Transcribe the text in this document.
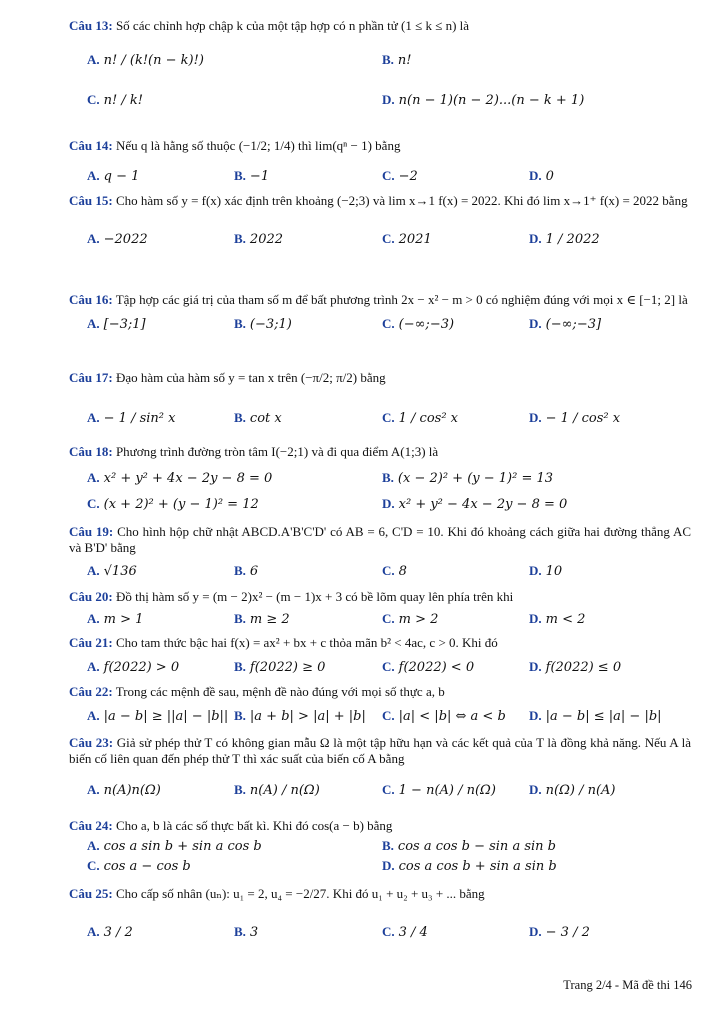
Câu 13: Số các chỉnh hợp chập k của một tập hợp có n phần tử (1 ≤ k ≤ n) là
A. n! / (k!(n − k)!)	B. n!
C. n! / k!	D. n(n − 1)(n − 2)...(n − k + 1)
Câu 14: Nếu q là hằng số thuộc (−1/2; 1/4) thì lim(qⁿ − 1) bằng
A. q − 1	B. −1	C. −2	D. 0
Câu 15: Cho hàm số y = f(x) xác định trên khoảng (−2;3) và lim x→1 f(x) = 2022. Khi đó lim x→1⁺ f(x) = 2022 bằng
A. −2022	B. 2022	C. 2021	D. 1 / 2022
Câu 16: Tập hợp các giá trị của tham số m để bất phương trình 2x − x² − m > 0 có nghiệm đúng với mọi x ∈ [−1; 2] là
A. [−3;1]	B. (−3;1)	C. (−∞;−3)	D. (−∞;−3]
Câu 17: Đạo hàm của hàm số y = tan x trên (−π/2; π/2) bằng
A. − 1 / sin² x	B. cot x	C. 1 / cos² x	D. − 1 / cos² x
Câu 18: Phương trình đường tròn tâm I(−2;1) và đi qua điểm A(1;3) là
A. x² + y² + 4x − 2y − 8 = 0	B. (x − 2)² + (y − 1)² = 13
C. (x + 2)² + (y − 1)² = 12	D. x² + y² − 4x − 2y − 8 = 0
Câu 19: Cho hình hộp chữ nhật ABCD.A'B'C'D' có AB = 6, C'D = 10. Khi đó khoảng cách giữa hai đường thẳng AC và B'D' bằng
A. √136	B. 6	C. 8	D. 10
Câu 20: Đồ thị hàm số y = (m − 2)x² − (m − 1)x + 3 có bề lõm quay lên phía trên khi
A. m > 1	B. m ≥ 2	C. m > 2	D. m < 2
Câu 21: Cho tam thức bậc hai f(x) = ax² + bx + c thỏa mãn b² < 4ac, c > 0. Khi đó
A. f(2022) > 0	B. f(2022) ≥ 0	C. f(2022) < 0	D. f(2022) ≤ 0
Câu 22: Trong các mệnh đề sau, mệnh đề nào đúng với mọi số thực a, b
A. |a − b| ≥ ||a| − |b|| B. |a + b| > |a| + |b| C. |a| < |b| ⇔ a < b D. |a − b| ≤ |a| − |b|
Câu 23: Giả sử phép thử T có không gian mẫu Ω là một tập hữu hạn và các kết quả của T là đồng khả năng. Nếu A là biến cố liên quan đến phép thử T thì xác suất của biến cố A bằng
A. n(A)n(Ω)	B. n(A) / n(Ω)	C. 1 − n(A) / n(Ω)	D. n(Ω) / n(A)
Câu 24: Cho a, b là các số thực bất kì. Khi đó cos(a − b) bằng
A. cos a sin b + sin a cos b	B. cos a cos b − sin a sin b
C. cos a − cos b	D. cos a cos b + sin a sin b
Câu 25: Cho cấp số nhân (uₙ): u₁ = 2, u₄ = −2/27. Khi đó u₁ + u₂ + u₃ + ... bằng
A. 3 / 2	B. 3	C. 3 / 4	D. − 3 / 2
Trang 2/4 - Mã đề thi 146
